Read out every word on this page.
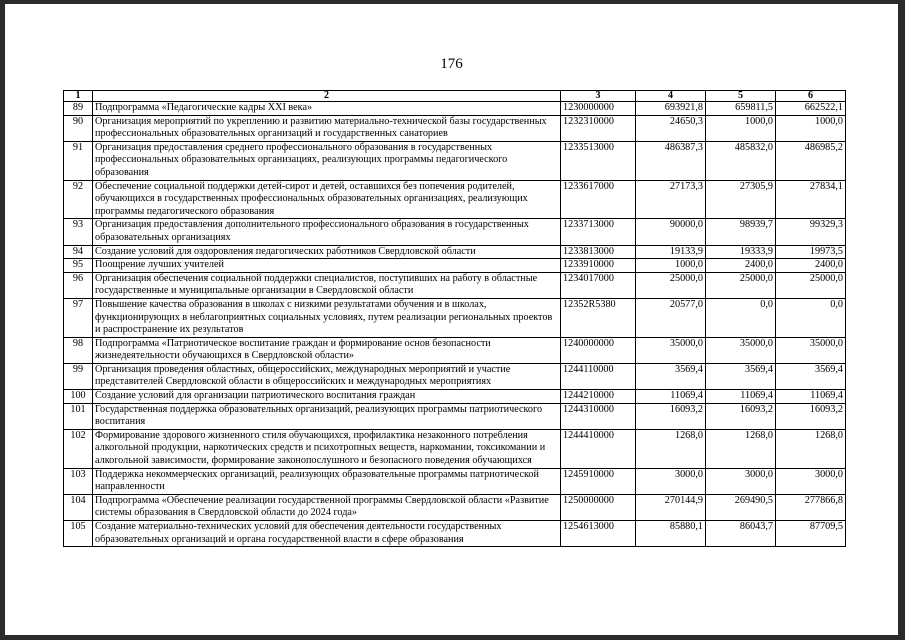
176
1	2	3	4	5	6
89	Подпрограмма «Педагогические кадры XXI века»	1230000000	693921,8	659811,5	662522,1
90	Организация мероприятий по укреплению и развитию материально-технической базы государственных профессиональных образовательных организаций и государственных санаториев	1232310000	24650,3	1000,0	1000,0
91	Организация предоставления среднего профессионального образования в государственных профессиональных образовательных организациях, реализующих программы педагогического образования	1233513000	486387,3	485832,0	486985,2
92	Обеспечение социальной поддержки детей-сирот и детей, оставшихся без попечения родителей, обучающихся в государственных профессиональных образовательных организациях, реализующих программы педагогического образования	1233617000	27173,3	27305,9	27834,1
93	Организация предоставления дополнительного профессионального образования в государственных образовательных организациях	1233713000	90000,0	98939,7	99329,3
94	Создание условий для оздоровления педагогических работников Свердловской области	1233813000	19133,9	19333,9	19973,5
95	Поощрение лучших учителей	1233910000	1000,0	2400,0	2400,0
96	Организация обеспечения социальной поддержки специалистов, поступивших на работу в областные государственные и муниципальные организации в Свердловской области	1234017000	25000,0	25000,0	25000,0
97	Повышение качества образования в школах с низкими результатами обучения и в школах, функционирующих в неблагоприятных социальных условиях, путем реализации региональных проектов и распространение их результатов	12352R5380	20577,0	0,0	0,0
98	Подпрограмма «Патриотическое воспитание граждан и формирование основ безопасности жизнедеятельности обучающихся в Свердловской области»	1240000000	35000,0	35000,0	35000,0
99	Организация проведения областных, общероссийских, международных мероприятий и участие представителей Свердловской области в общероссийских и международных мероприятиях	1244110000	3569,4	3569,4	3569,4
100	Создание условий для организации патриотического воспитания граждан	1244210000	11069,4	11069,4	11069,4
101	Государственная поддержка образовательных организаций, реализующих программы патриотического воспитания	1244310000	16093,2	16093,2	16093,2
102	Формирование здорового жизненного стиля обучающихся, профилактика незаконного потребления алкогольной продукции, наркотических средств и психотропных веществ, наркомании, токсикомании и алкогольной зависимости, формирование законопослушного и безопасного поведения обучающихся	1244410000	1268,0	1268,0	1268,0
103	Поддержка некоммерческих организаций, реализующих образовательные программы патриотической направленности	1245910000	3000,0	3000,0	3000,0
104	Подпрограмма «Обеспечение реализации государственной программы Свердловской области «Развитие системы образования в Свердловской области до 2024 года»	1250000000	270144,9	269490,5	277866,8
105	Создание материально-технических условий для обеспечения деятельности государственных образовательных организаций и органа государственной власти в сфере образования	1254613000	85880,1	86043,7	87709,5
